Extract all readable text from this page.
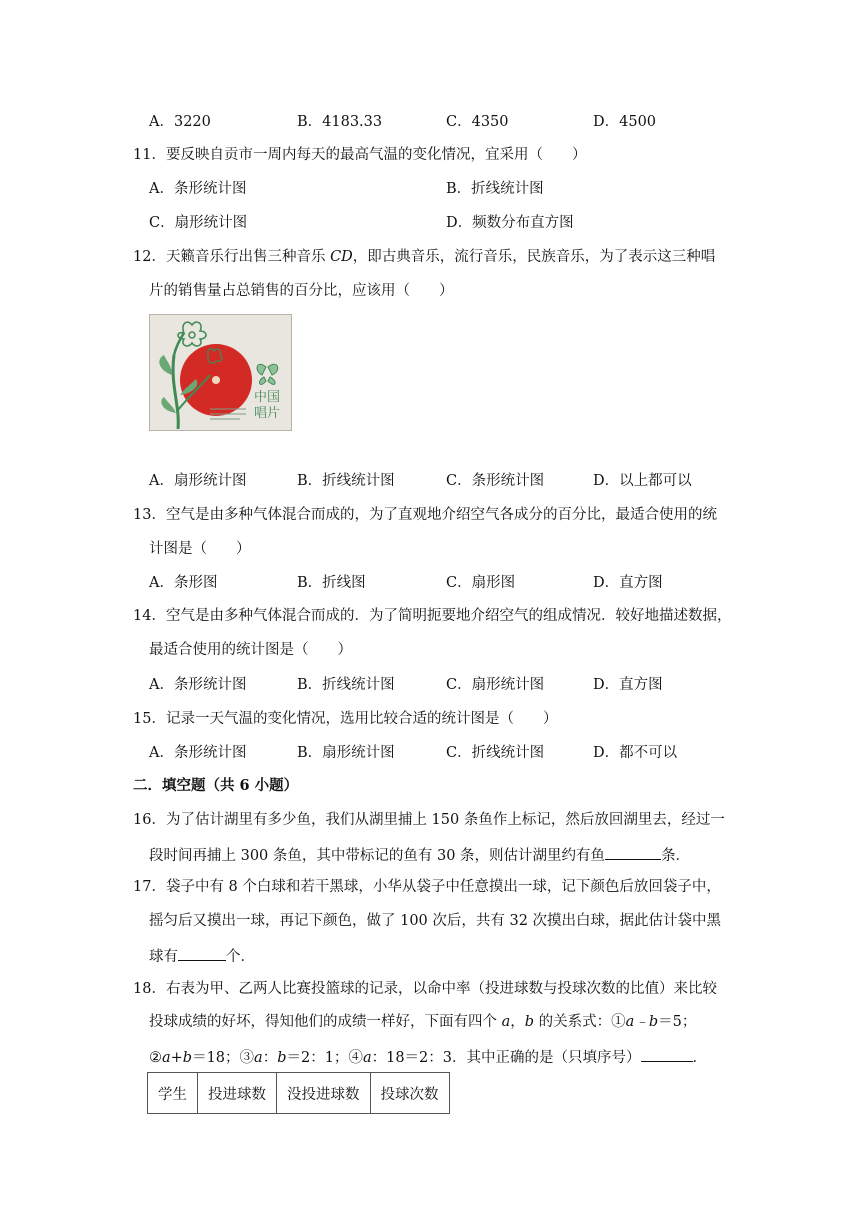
A．3220	B．4183.33	C．4350	D．4500
11．要反映自贡市一周内每天的最高气温的变化情况，宜采用（　　）
A．条形统计图	B．折线统计图
C．扇形统计图	D．频数分布直方图
12．天籁音乐行出售三种音乐 CD，即古典音乐，流行音乐，民族音乐，为了表示这三种唱
片的销售量占总销售的百分比，应该用（　　）
中国
唱片
A．扇形统计图	B．折线统计图	C．条形统计图	D．以上都可以
13．空气是由多种气体混合而成的，为了直观地介绍空气各成分的百分比，最适合使用的统
计图是（　　）
A．条形图	B．折线图	C．扇形图	D．直方图
14．空气是由多种气体混合而成的．为了简明扼要地介绍空气的组成情况．较好地描述数据，
最适合使用的统计图是（　　）
A．条形统计图	B．折线统计图	C．扇形统计图	D．直方图
15．记录一天气温的变化情况，选用比较合适的统计图是（　　）
A．条形统计图	B．扇形统计图	C．折线统计图	D．都不可以
二．填空题（共 6 小题）
16．为了估计湖里有多少鱼，我们从湖里捕上 150 条鱼作上标记，然后放回湖里去，经过一
段时间再捕上 300 条鱼，其中带标记的鱼有 30 条，则估计湖里约有鱼	条．
17．袋子中有 8 个白球和若干黑球，小华从袋子中任意摸出一球，记下颜色后放回袋子中，
摇匀后又摸出一球，再记下颜色，做了 100 次后，共有 32 次摸出白球，据此估计袋中黑
球有	个．
18．右表为甲、乙两人比赛投篮球的记录，以命中率（投进球数与投球次数的比值）来比较
投球成绩的好坏，得知他们的成绩一样好，下面有四个 a，b 的关系式：①a﹣b＝5；
②a+b＝18；③a：b＝2：1；④a：18＝2：3．其中正确的是（只填序号）	．
学生	投进球数	没投进球数	投球次数
